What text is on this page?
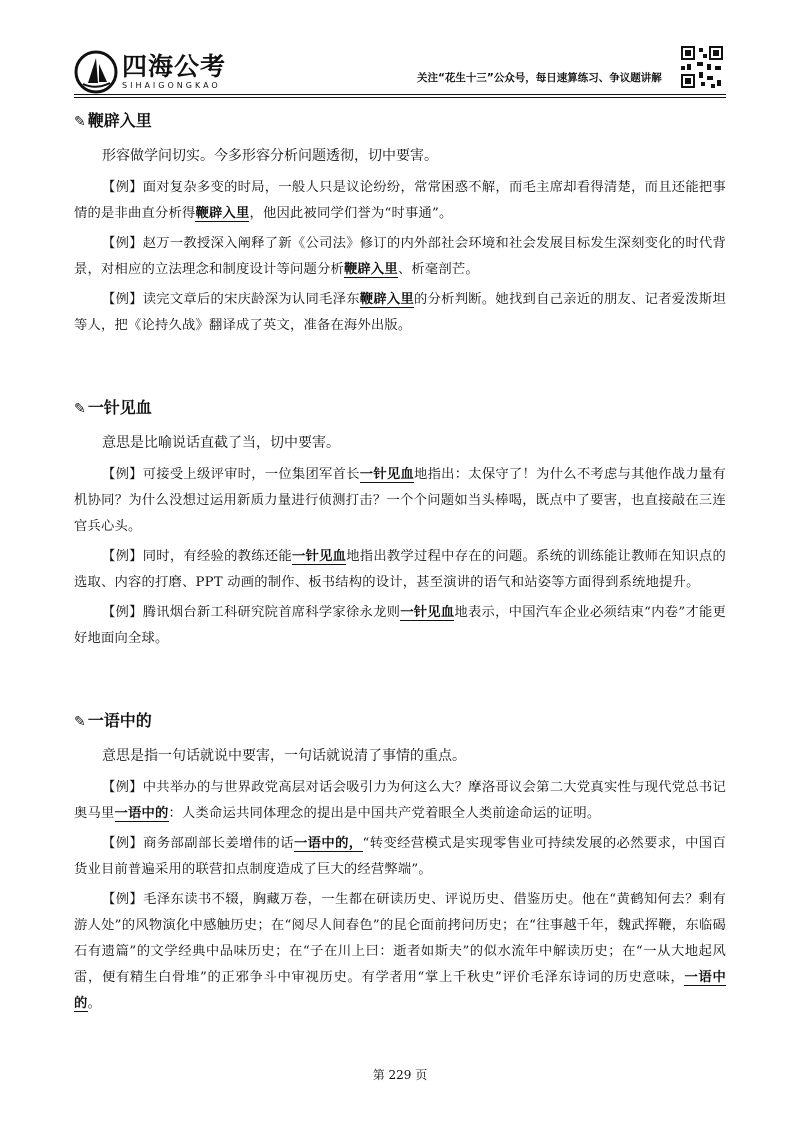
四海公考
SIHAIGONGKAO
关注“花生十三”公众号，每日速算练习、争议题讲解
✎ 鞭辟入里

形容做学问切实。今多形容分析问题透彻，切中要害。

【例】面对复杂多变的时局，一般人只是议论纷纷，常常困惑不解，而毛主席却看得清楚，而且还能把事情的是非曲直分析得鞭辟入里，他因此被同学们誉为“时事通”。

【例】赵万一教授深入阐释了新《公司法》修订的内外部社会环境和社会发展目标发生深刻变化的时代背景，对相应的立法理念和制度设计等问题分析鞭辟入里、析毫剖芒。

【例】读完文章后的宋庆龄深为认同毛泽东鞭辟入里的分析判断。她找到自己亲近的朋友、记者爱泼斯坦等人，把《论持久战》翻译成了英文，准备在海外出版。

✎ 一针见血

意思是比喻说话直截了当，切中要害。

【例】可接受上级评审时，一位集团军首长一针见血地指出：太保守了！为什么不考虑与其他作战力量有机协同？为什么没想过运用新质力量进行侦测打击？一个个问题如当头棒喝，既点中了要害，也直接敲在三连官兵心头。

【例】同时，有经验的教练还能一针见血地指出教学过程中存在的问题。系统的训练能让教师在知识点的选取、内容的打磨、PPT 动画的制作、板书结构的设计，甚至演讲的语气和站姿等方面得到系统地提升。

【例】腾讯烟台新工科研究院首席科学家徐永龙则一针见血地表示，中国汽车企业必须结束“内卷”才能更好地面向全球。

✎ 一语中的

意思是指一句话就说中要害，一句话就说清了事情的重点。

【例】中共举办的与世界政党高层对话会吸引力为何这么大？摩洛哥议会第二大党真实性与现代党总书记奥马里一语中的：人类命运共同体理念的提出是中国共产党着眼全人类前途命运的证明。

【例】商务部副部长姜增伟的话一语中的，“转变经营模式是实现零售业可持续发展的必然要求，中国百货业目前普遍采用的联营扣点制度造成了巨大的经营弊端”。

【例】毛泽东读书不辍，胸藏万卷，一生都在研读历史、评说历史、借鉴历史。他在“黄鹤知何去？剩有游人处”的风物演化中感触历史；在“阅尽人间春色”的昆仑面前拷问历史；在“往事越千年，魏武挥鞭，东临碣石有遗篇”的文学经典中品味历史；在“子在川上曰：逝者如斯夫”的似水流年中解读历史；在“一从大地起风雷，便有精生白骨堆”的正邪争斗中审视历史。有学者用“掌上千秋史”评价毛泽东诗词的历史意味，一语中的。

第 229 页
